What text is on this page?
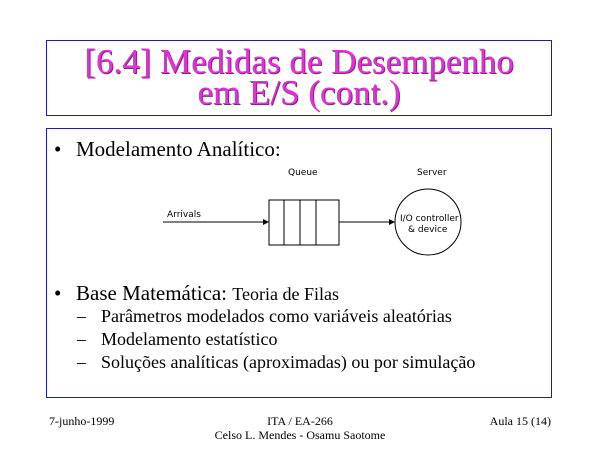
[6.4] Medidas de Desempenho
em E/S (cont.)
• Modelamento Analítico:
Queue	Server
Arrivals	I/O controller
& device
• Base Matemática: Teoria de Filas
– Parâmetros modelados como variáveis aleatórias
– Modelamento estatístico
– Soluções analíticas (aproximadas) ou por simulação
7-junho-1999	ITA / EA-266
Celso L. Mendes - Osamu Saotome
Aula 15 (14)
